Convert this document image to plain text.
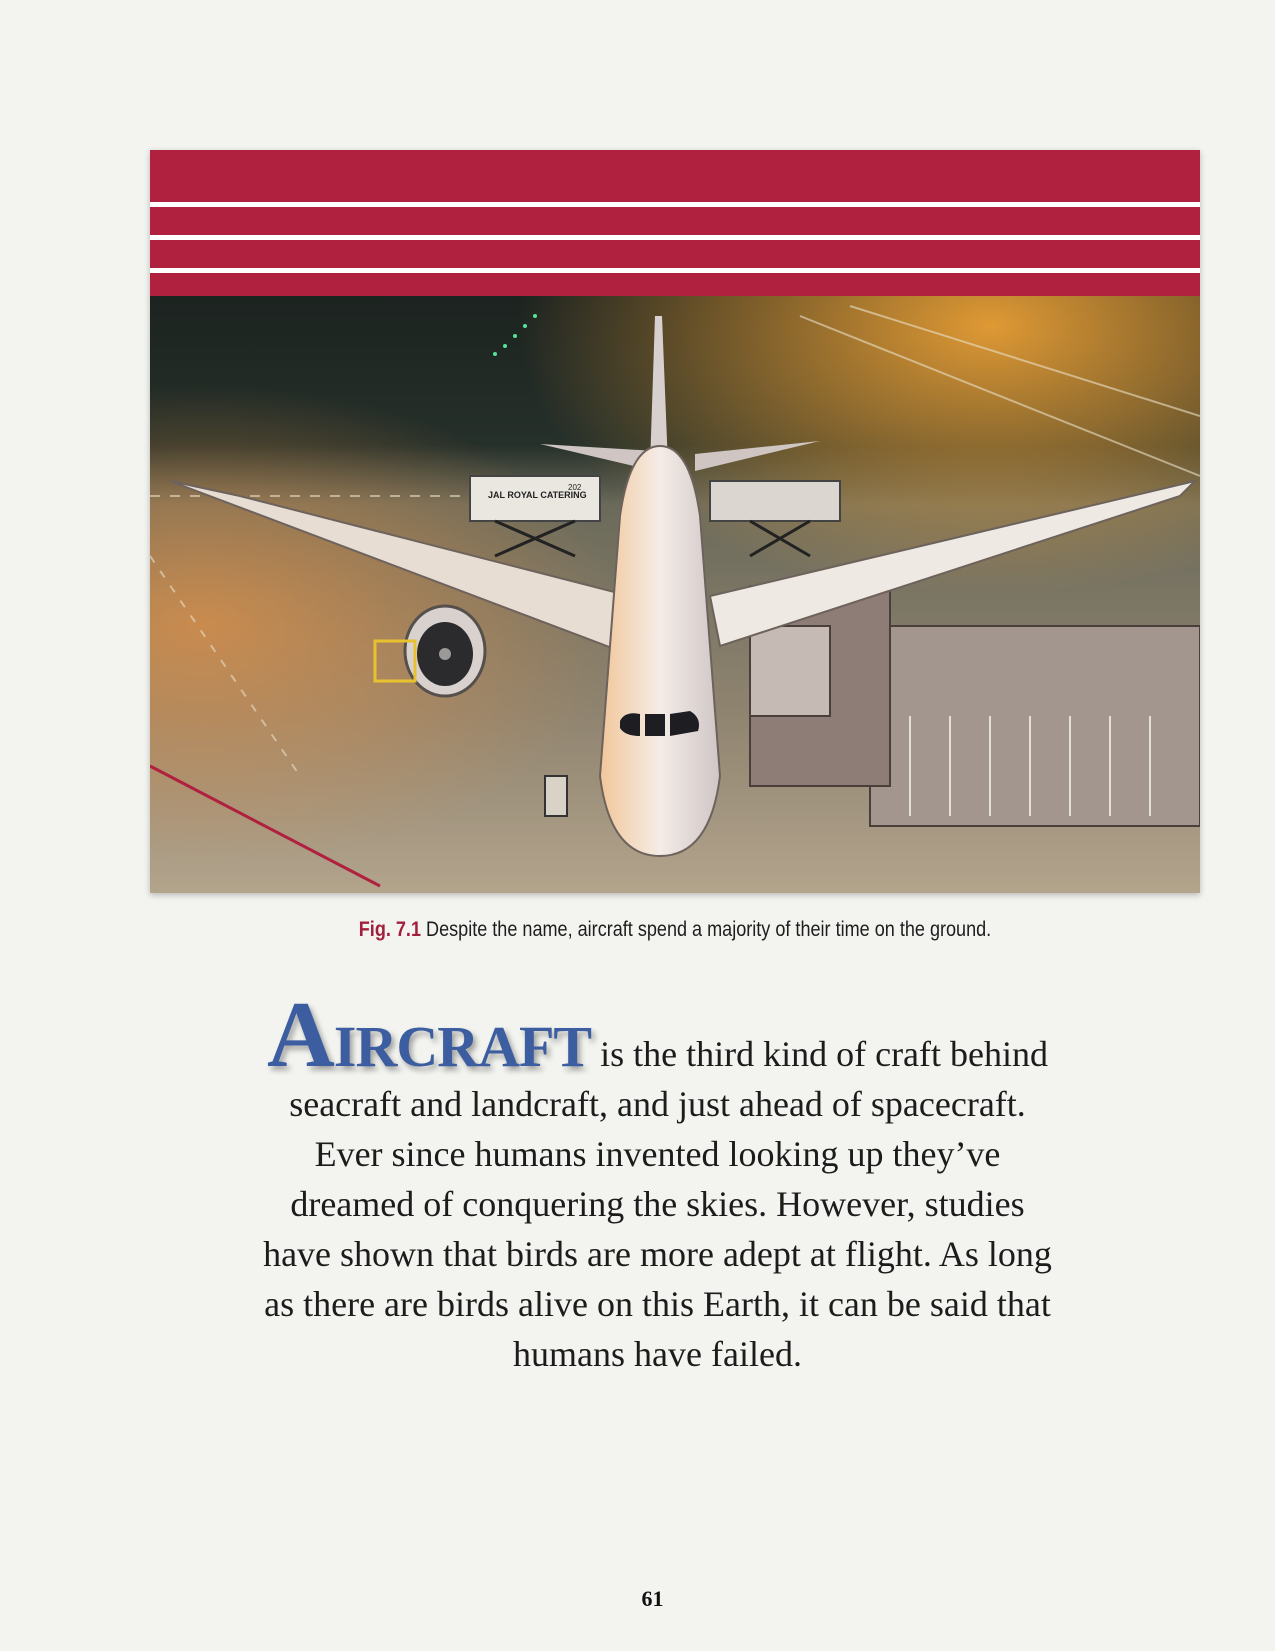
JAL ROYAL CATERING
202
Fig. 7.1 Despite the name, aircraft spend a majority of their time on the ground.
AIRCRAFT is the third kind of craft behind seacraft and landcraft, and just ahead of spacecraft. Ever since humans invented looking up they’ve dreamed of conquering the skies. However, studies have shown that birds are more adept at flight. As long as there are birds alive on this Earth, it can be said that humans have failed.
61
